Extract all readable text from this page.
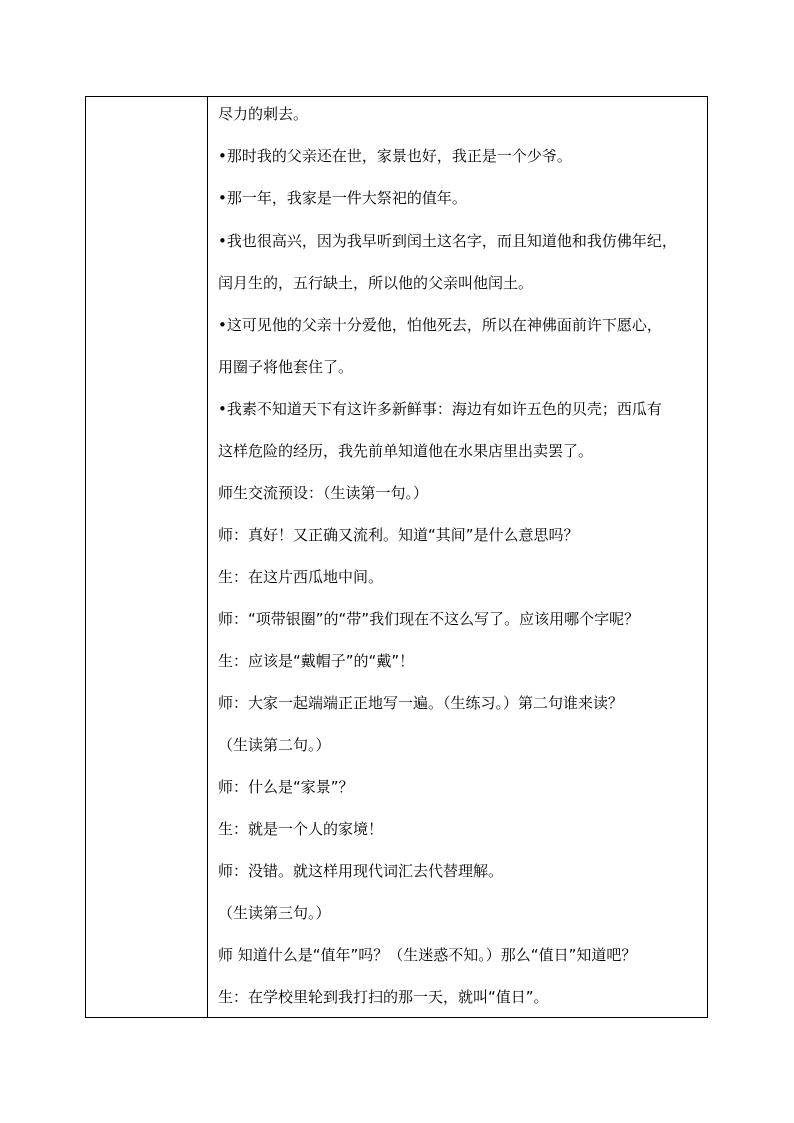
尽力的刺去。
•那时我的父亲还在世，家景也好，我正是一个少爷。
•那一年，我家是一件大祭祀的值年。
•我也很高兴，因为我早听到闰土这名字，而且知道他和我仿佛年纪，
闰月生的，五行缺土，所以他的父亲叫他闰土。
•这可见他的父亲十分爱他，怕他死去，所以在神佛面前许下愿心，
用圈子将他套住了。
•我素不知道天下有这许多新鲜事：海边有如许五色的贝壳；西瓜有
这样危险的经历，我先前单知道他在水果店里出卖罢了。
师生交流预设：（生读第一句。）
师：真好！又正确又流利。知道“其间”是什么意思吗？
生：在这片西瓜地中间。
师：“项带银圈”的“带”我们现在不这么写了。应该用哪个字呢？
生：应该是“戴帽子”的“戴”！
师：大家一起端端正正地写一遍。（生练习。）第二句谁来读？
（生读第二句。）
师：什么是“家景”？
生：就是一个人的家境！
师：没错。就这样用现代词汇去代替理解。
（生读第三句。）
师 知道什么是“值年”吗？（生迷惑不知。）那么“值日”知道吧？
生：在学校里轮到我打扫的那一天，就叫“值日”。
